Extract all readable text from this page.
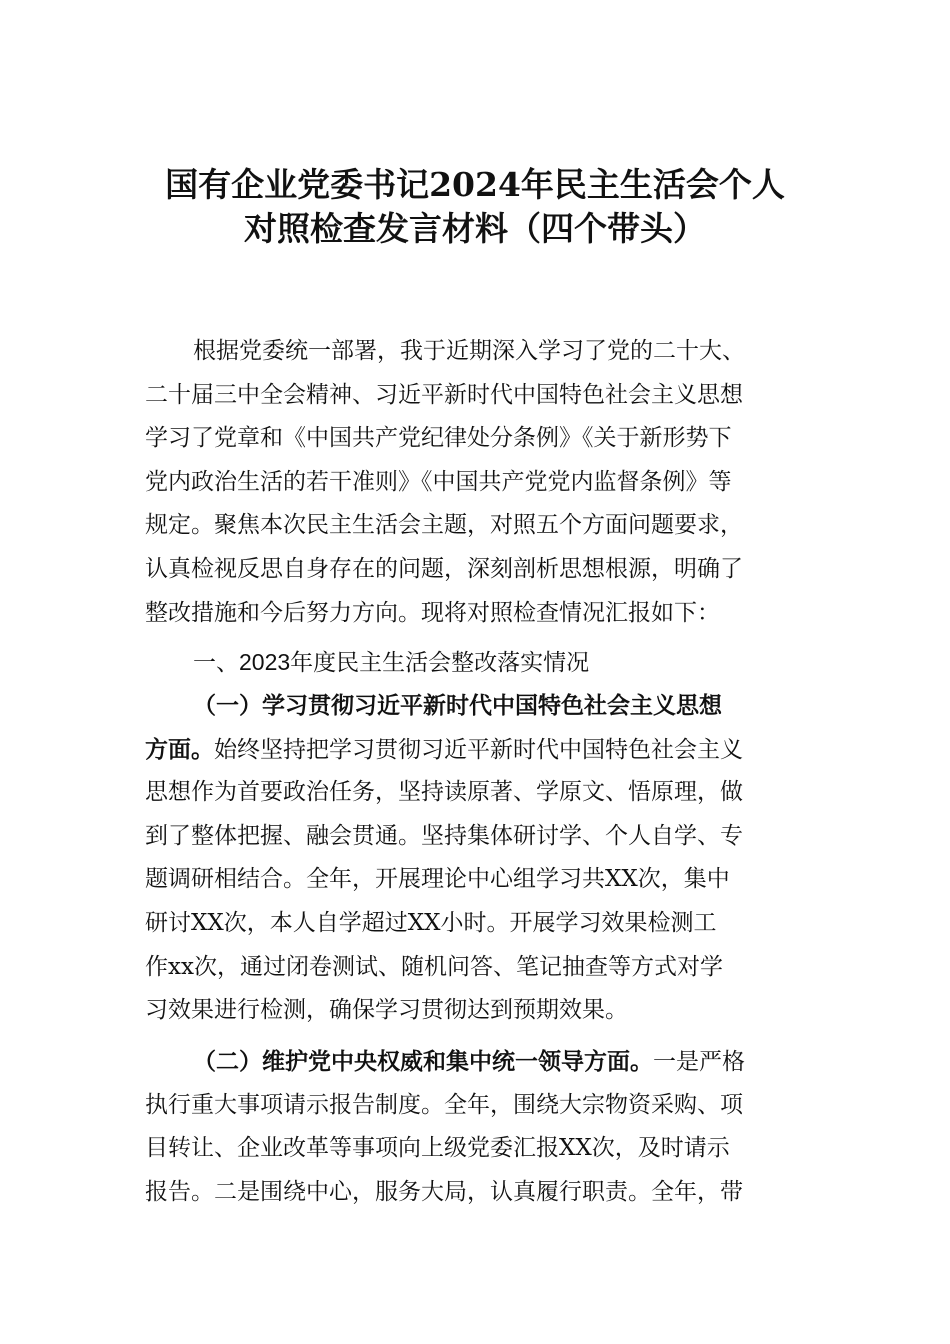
国有企业党委书记2024年民主生活会个人
对照检查发言材料（四个带头）
根据党委统一部署，我于近期深入学习了党的二十大、
二十届三中全会精神、习近平新时代中国特色社会主义思想
学习了党章和《中国共产党纪律处分条例》《关于新形势下
党内政治生活的若干准则》《中国共产党党内监督条例》等
规定。聚焦本次民主生活会主题，对照五个方面问题要求，
认真检视反思自身存在的问题，深刻剖析思想根源，明确了
整改措施和今后努力方向。现将对照检查情况汇报如下：
一、2023年度民主生活会整改落实情况
（一）学习贯彻习近平新时代中国特色社会主义思想
方面。始终坚持把学习贯彻习近平新时代中国特色社会主义
思想作为首要政治任务，坚持读原著、学原文、悟原理，做
到了整体把握、融会贯通。坚持集体研讨学、个人自学、专
题调研相结合。全年，开展理论中心组学习共XX次，集中
研讨XX次，本人自学超过XX小时。开展学习效果检测工
作xx次，通过闭卷测试、随机问答、笔记抽查等方式对学
习效果进行检测，确保学习贯彻达到预期效果。
（二）维护党中央权威和集中统一领导方面。一是严格
执行重大事项请示报告制度。全年，围绕大宗物资采购、项
目转让、企业改革等事项向上级党委汇报XX次，及时请示
报告。二是围绕中心，服务大局，认真履行职责。全年，带
